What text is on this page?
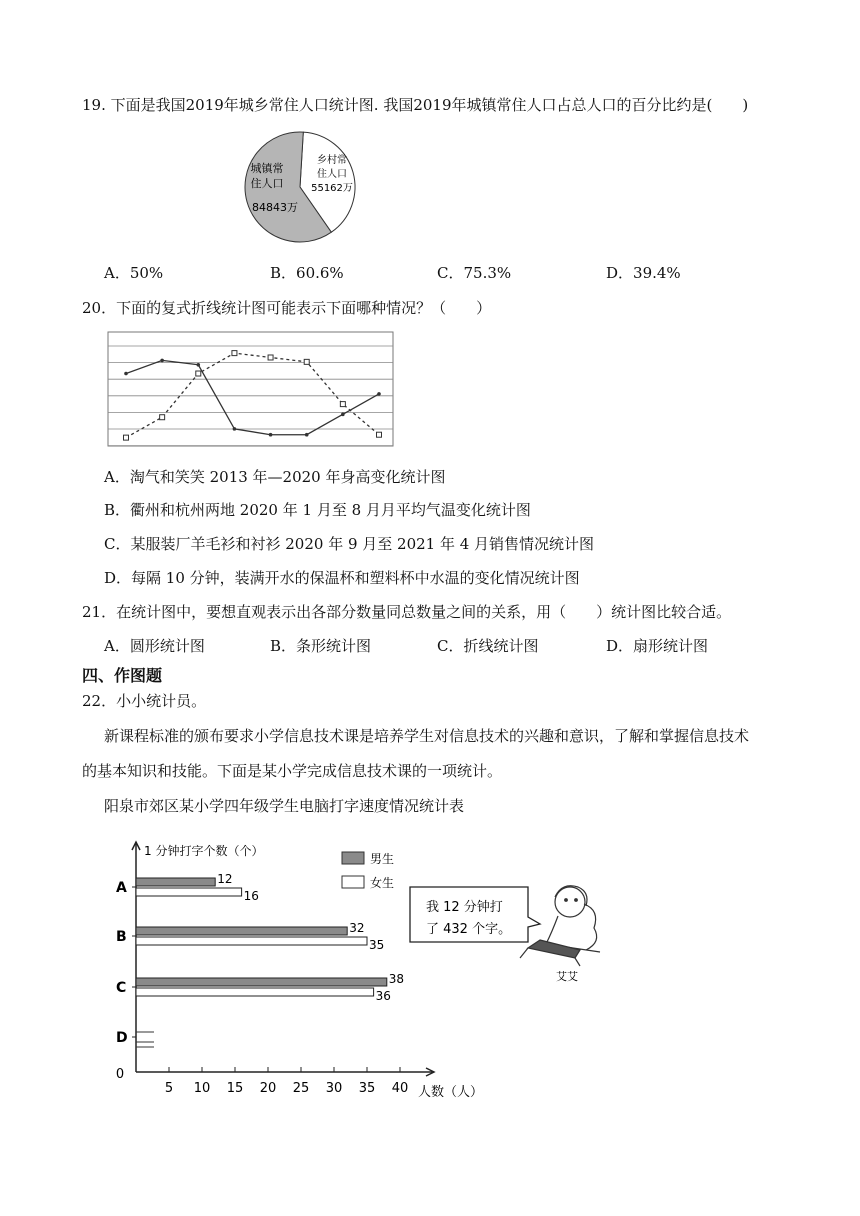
19. 下面是我国2019年城乡常住人口统计图. 我国2019年城镇常住人口占总人口的百分比约是(　　)
城镇常
住人口
84843万
乡村常
住人口
55162万
A．50%	B．60.6%	C．75.3%	D．39.4%
20．下面的复式折线统计图可能表示下面哪种情况？（　　）
A．淘气和笑笑 2013 年—2020 年身高变化统计图
B．衢州和杭州两地 2020 年 1 月至 8 月月平均气温变化统计图
C．某服装厂羊毛衫和衬衫 2020 年 9 月至 2021 年 4 月销售情况统计图
D．每隔 10 分钟，装满开水的保温杯和塑料杯中水温的变化情况统计图
21．在统计图中，要想直观表示出各部分数量同总数量之间的关系，用（　　）统计图比较合适。
A．圆形统计图	B．条形统计图	C．折线统计图	D．扇形统计图
四、作图题
22．小小统计员。
新课程标准的颁布要求小学信息技术课是培养学生对信息技术的兴趣和意识，了解和掌握信息技术
的基本知识和技能。下面是某小学完成信息技术课的一项统计。
阳泉市郊区某小学四年级学生电脑打字速度情况统计表
0
5 10 15 20 25 30 35 40
A
B
C
D
1 分钟打字个数（个）
人数（人）
男生
女生
12
16
32
35
38
36
我 12 分钟打
了 432 个字。
艾艾
